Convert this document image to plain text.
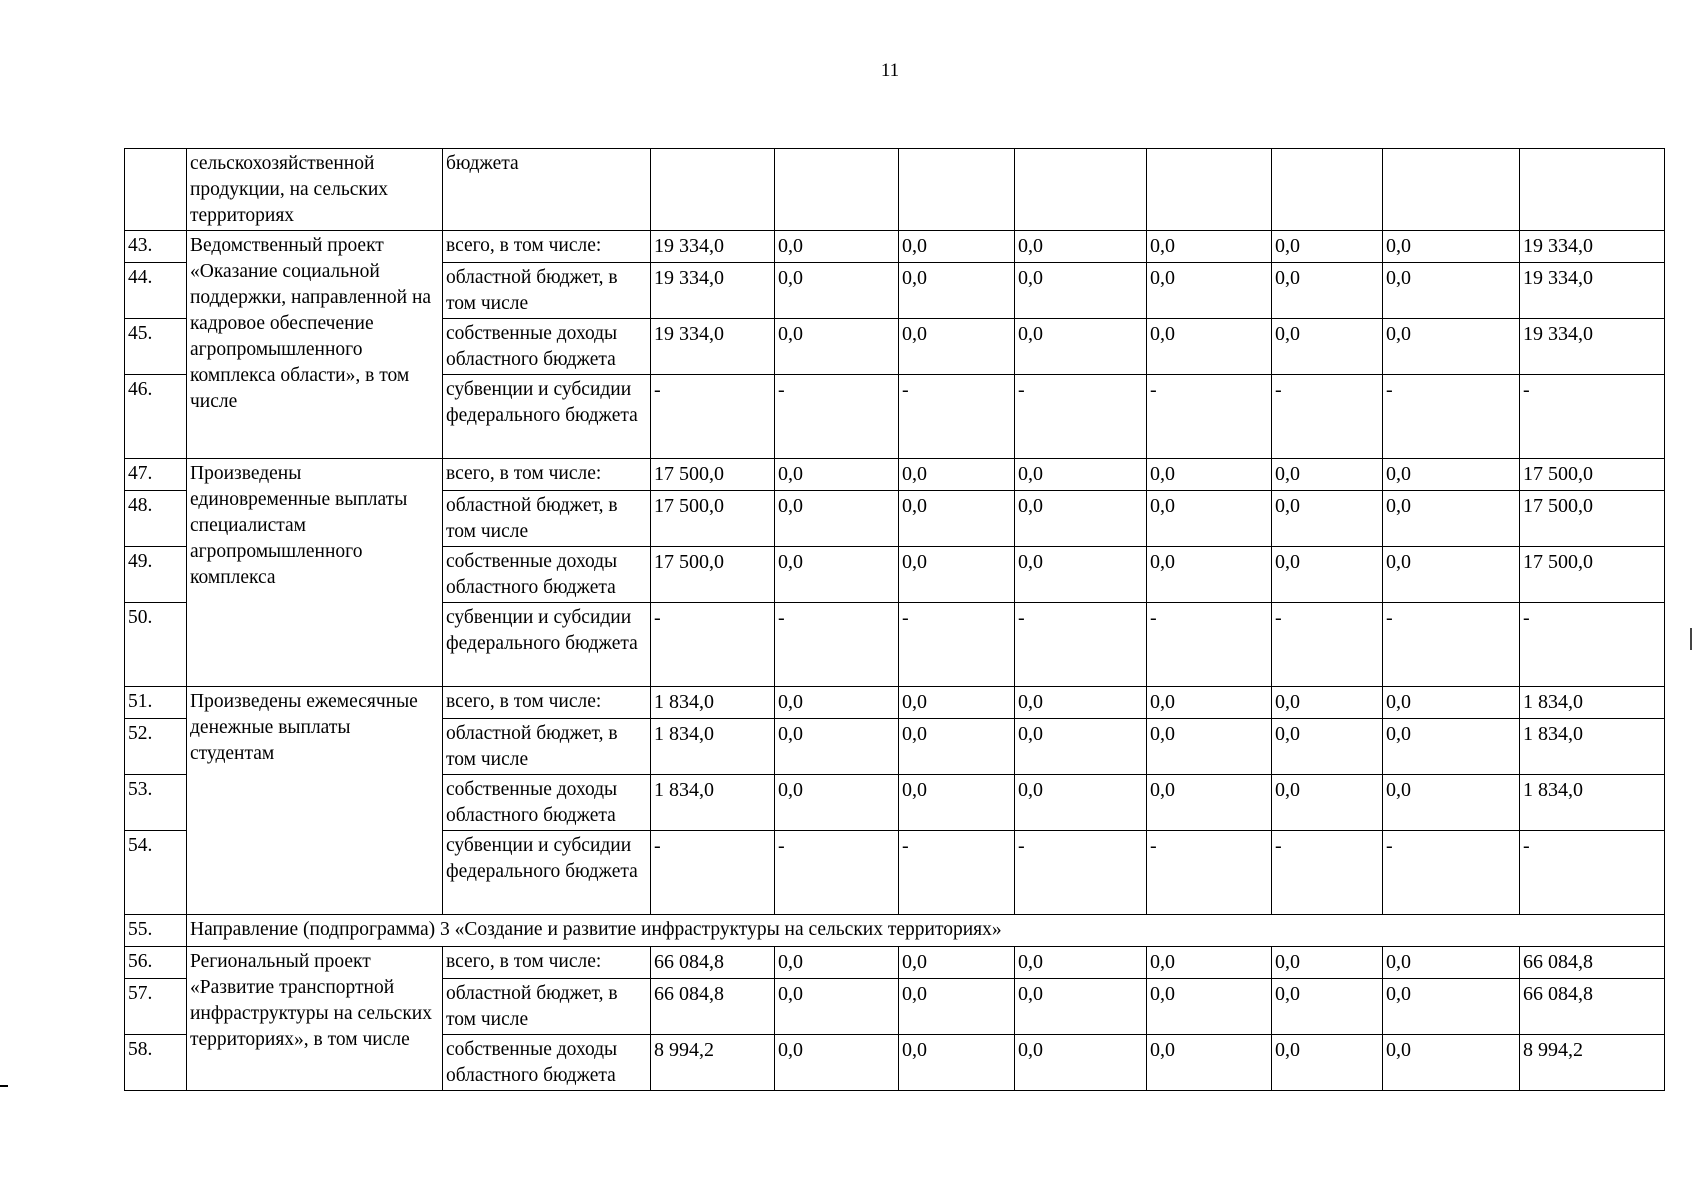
11
	сельскохозяйственной продукции, на сельских территориях	бюджета								
43.	Ведомственный проект «Оказание социальной поддержки, направленной на кадровое обеспечение агропромышленного комплекса области», в том числе	всего, в том числе:	19 334,0	0,0	0,0	0,0	0,0	0,0	0,0	19 334,0
44.		областной бюджет, в том числе	19 334,0	0,0	0,0	0,0	0,0	0,0	0,0	19 334,0
45.		собственные доходы областного бюджета	19 334,0	0,0	0,0	0,0	0,0	0,0	0,0	19 334,0
46.		субвенции и субсидии федерального бюджета	-	-	-	-	-	-	-	-
47.	Произведены единовременные выплаты специалистам агропромышленного комплекса	всего, в том числе:	17 500,0	0,0	0,0	0,0	0,0	0,0	0,0	17 500,0
48.		областной бюджет, в том числе	17 500,0	0,0	0,0	0,0	0,0	0,0	0,0	17 500,0
49.		собственные доходы областного бюджета	17 500,0	0,0	0,0	0,0	0,0	0,0	0,0	17 500,0
50.		субвенции и субсидии федерального бюджета	-	-	-	-	-	-	-	-
51.	Произведены ежемесячные денежные выплаты студентам	всего, в том числе:	1 834,0	0,0	0,0	0,0	0,0	0,0	0,0	1 834,0
52.		областной бюджет, в том числе	1 834,0	0,0	0,0	0,0	0,0	0,0	0,0	1 834,0
53.		собственные доходы областного бюджета	1 834,0	0,0	0,0	0,0	0,0	0,0	0,0	1 834,0
54.		субвенции и субсидии федерального бюджета	-	-	-	-	-	-	-	-
55.	Направление (подпрограмма) 3 «Создание и развитие инфраструктуры на сельских территориях»									
56.	Региональный проект «Развитие транспортной инфраструктуры на сельских территориях», в том числе	всего, в том числе:	66 084,8	0,0	0,0	0,0	0,0	0,0	0,0	66 084,8
57.		областной бюджет, в том числе	66 084,8	0,0	0,0	0,0	0,0	0,0	0,0	66 084,8
58.		собственные доходы областного бюджета	8 994,2	0,0	0,0	0,0	0,0	0,0	0,0	8 994,2
